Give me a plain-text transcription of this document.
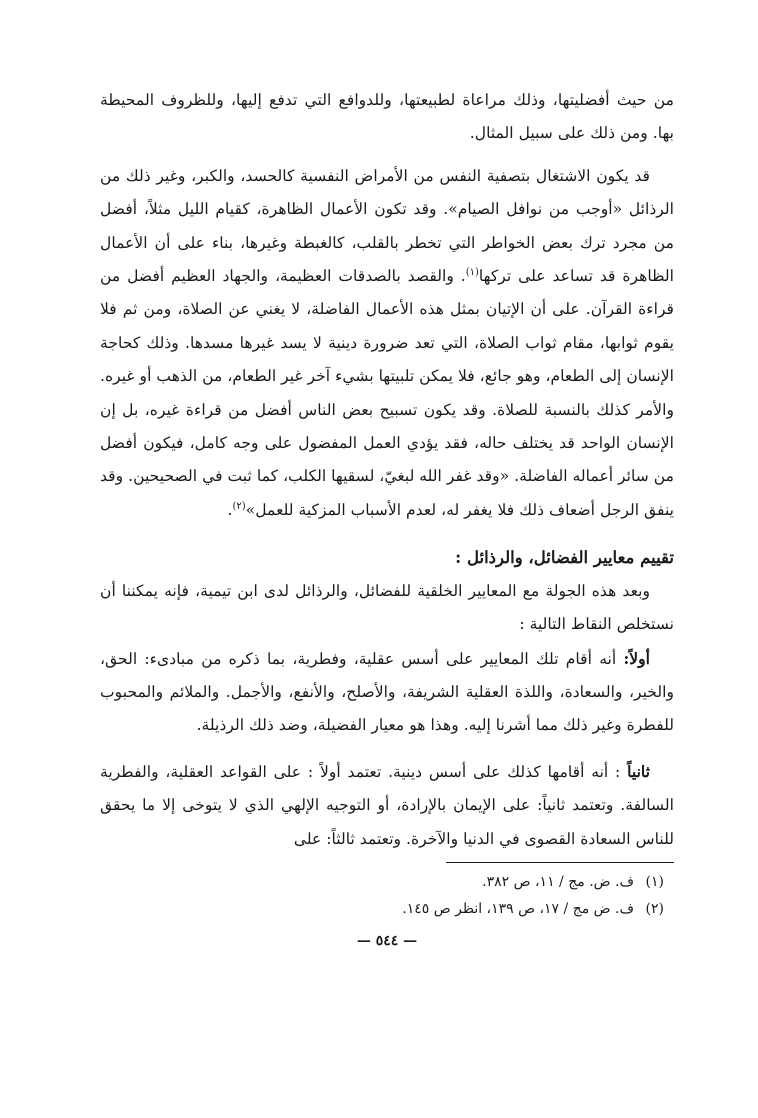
من حيث أفضليتها، وذلك مراعاة لطبيعتها، وللدوافع التي تدفع إليها، وللظروف المحيطة بها. ومن ذلك على سبيل المثال.

قد يكون الاشتغال بتصفية النفس من الأمراض النفسية كالحسد، والكبر، وغير ذلك من الرذائل «أوجب من نوافل الصيام». وقد تكون الأعمال الظاهرة، كقيام الليل مثلاً، أفضل من مجرد ترك بعض الخواطر التي تخطر بالقلب، كالغبطة وغيرها، بناء على أن الأعمال الظاهرة قد تساعد على تركها$^{(١)}$. والقصد بالصدقات العظيمة، والجهاد العظيم أفضل من قراءة القرآن. على أن الإتيان بمثل هذه الأعمال الفاضلة، لا يغني عن الصلاة، ومن ثم فلا يقوم ثوابها، مقام ثواب الصلاة، التي تعد ضرورة دينية لا يسد غيرها مسدها. وذلك كحاجة الإنسان إلى الطعام، وهو جائع، فلا يمكن تلبيتها بشيء آخر غير الطعام، من الذهب أو غيره. والأمر كذلك بالنسبة للصلاة. وقد يكون تسبيح بعض الناس أفضل من قراءة غيره، بل إن الإنسان الواحد قد يختلف حاله، فقد يؤدي العمل المفضول على وجه كامل، فيكون أفضل من سائر أعماله الفاضلة. «وقد غفر الله لبغيّ، لسقيها الكلب، كما ثبت في الصحيحين. وقد ينفق الرجل أضعاف ذلك فلا يغفر له، لعدم الأسباب المزكية للعمل»$^{(٢)}$.

تقييم معايير الفضائل، والرذائل :

وبعد هذه الجولة مع المعايير الخلقية للفضائل، والرذائل لدى ابن تيمية، فإنه يمكننا أن نستخلص النقاط التالية :

أولاً: أنه أقام تلك المعايير على أسس عقلية، وفطرية، بما ذكره من مبادىء: الحق، والخير، والسعادة، واللذة العقلية الشريفة، والأصلح، والأنفع، والأجمل. والملائم والمحبوب للفطرة وغير ذلك مما أشرنا إليه. وهذا هو معيار الفضيلة، وضد ذلك الرذيلة.

ثانياً : أنه أقامها كذلك على أسس دينية. تعتمد أولاً : على القواعد العقلية، والفطرية السالفة. وتعتمد ثانياً: على الإيمان بالإرادة، أو التوجيه الإلهي الذي لا يتوخى إلا ما يحقق للناس السعادة القصوى في الدنيا والآخرة. وتعتمد ثالثاً: على

(١)ف. ض. مج / ١١، ص ٣٨٢.

(٢)ف. ض مج / ١٧، ص ١٣٩، انظر ص ١٤٥.

— ٥٤٤ —
